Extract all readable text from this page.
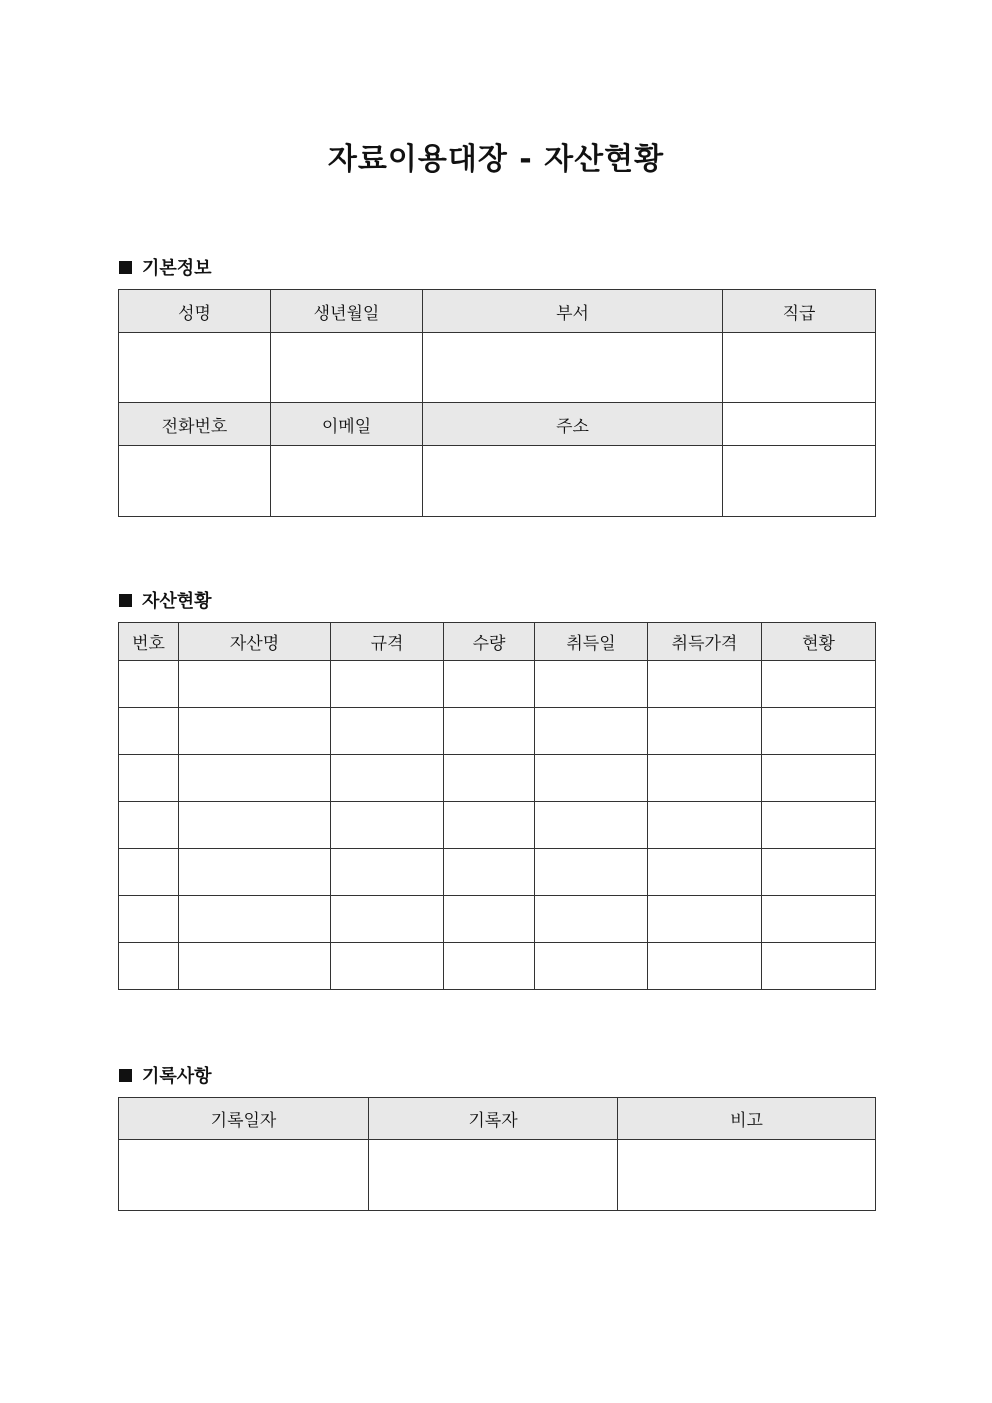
자료이용대장 - 자산현황
기본정보
성명	생년월일	부서	직급

전화번호	이메일	주소	

자산현황
번호	자산명	규격	수량	취득일	취득가격	현황

기록사항
기록일자	기록자	비고
